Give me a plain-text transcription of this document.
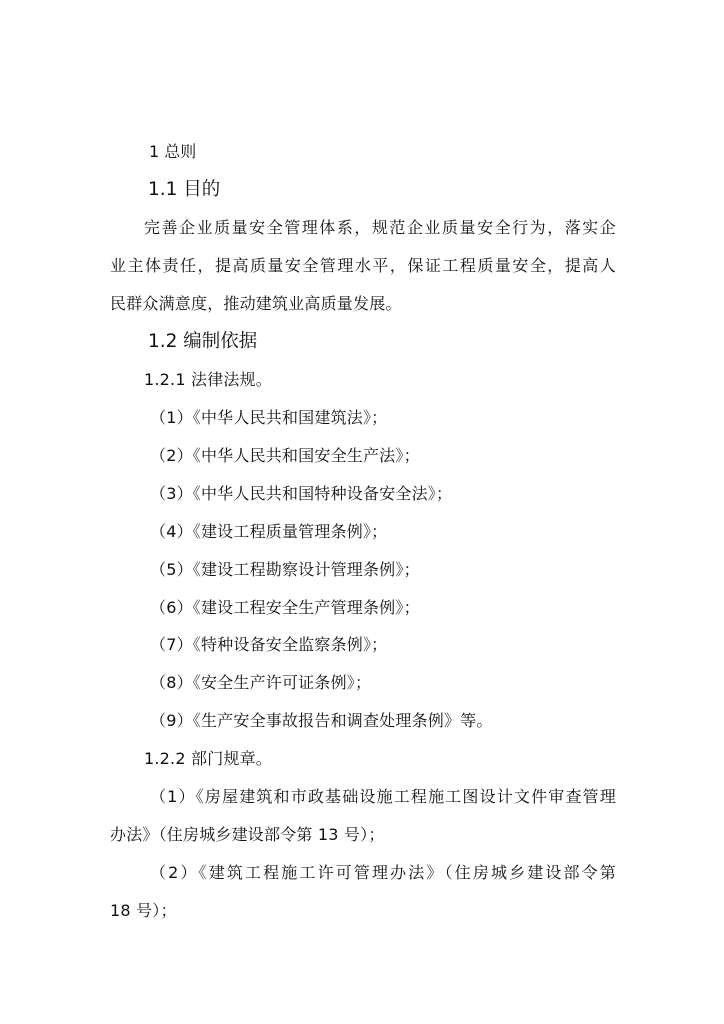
1 总则
1.1 目的
完善企业质量安全管理体系，规范企业质量安全行为，落实企
业主体责任，提高质量安全管理水平，保证工程质量安全，提高人
民群众满意度，推动建筑业高质量发展。
1.2 编制依据
1.2.1 法律法规。
（1）《中华人民共和国建筑法》；
（2）《中华人民共和国安全生产法》；
（3）《中华人民共和国特种设备安全法》；
（4）《建设工程质量管理条例》；
（5）《建设工程勘察设计管理条例》；
（6）《建设工程安全生产管理条例》；
（7）《特种设备安全监察条例》；
（8）《安全生产许可证条例》；
（9）《生产安全事故报告和调查处理条例》等。
1.2.2 部门规章。
（1）《房屋建筑和市政基础设施工程施工图设计文件审查管理
办法》（住房城乡建设部令第 13 号）；
（2）《建筑工程施工许可管理办法》（住房城乡建设部令第
18 号）；
